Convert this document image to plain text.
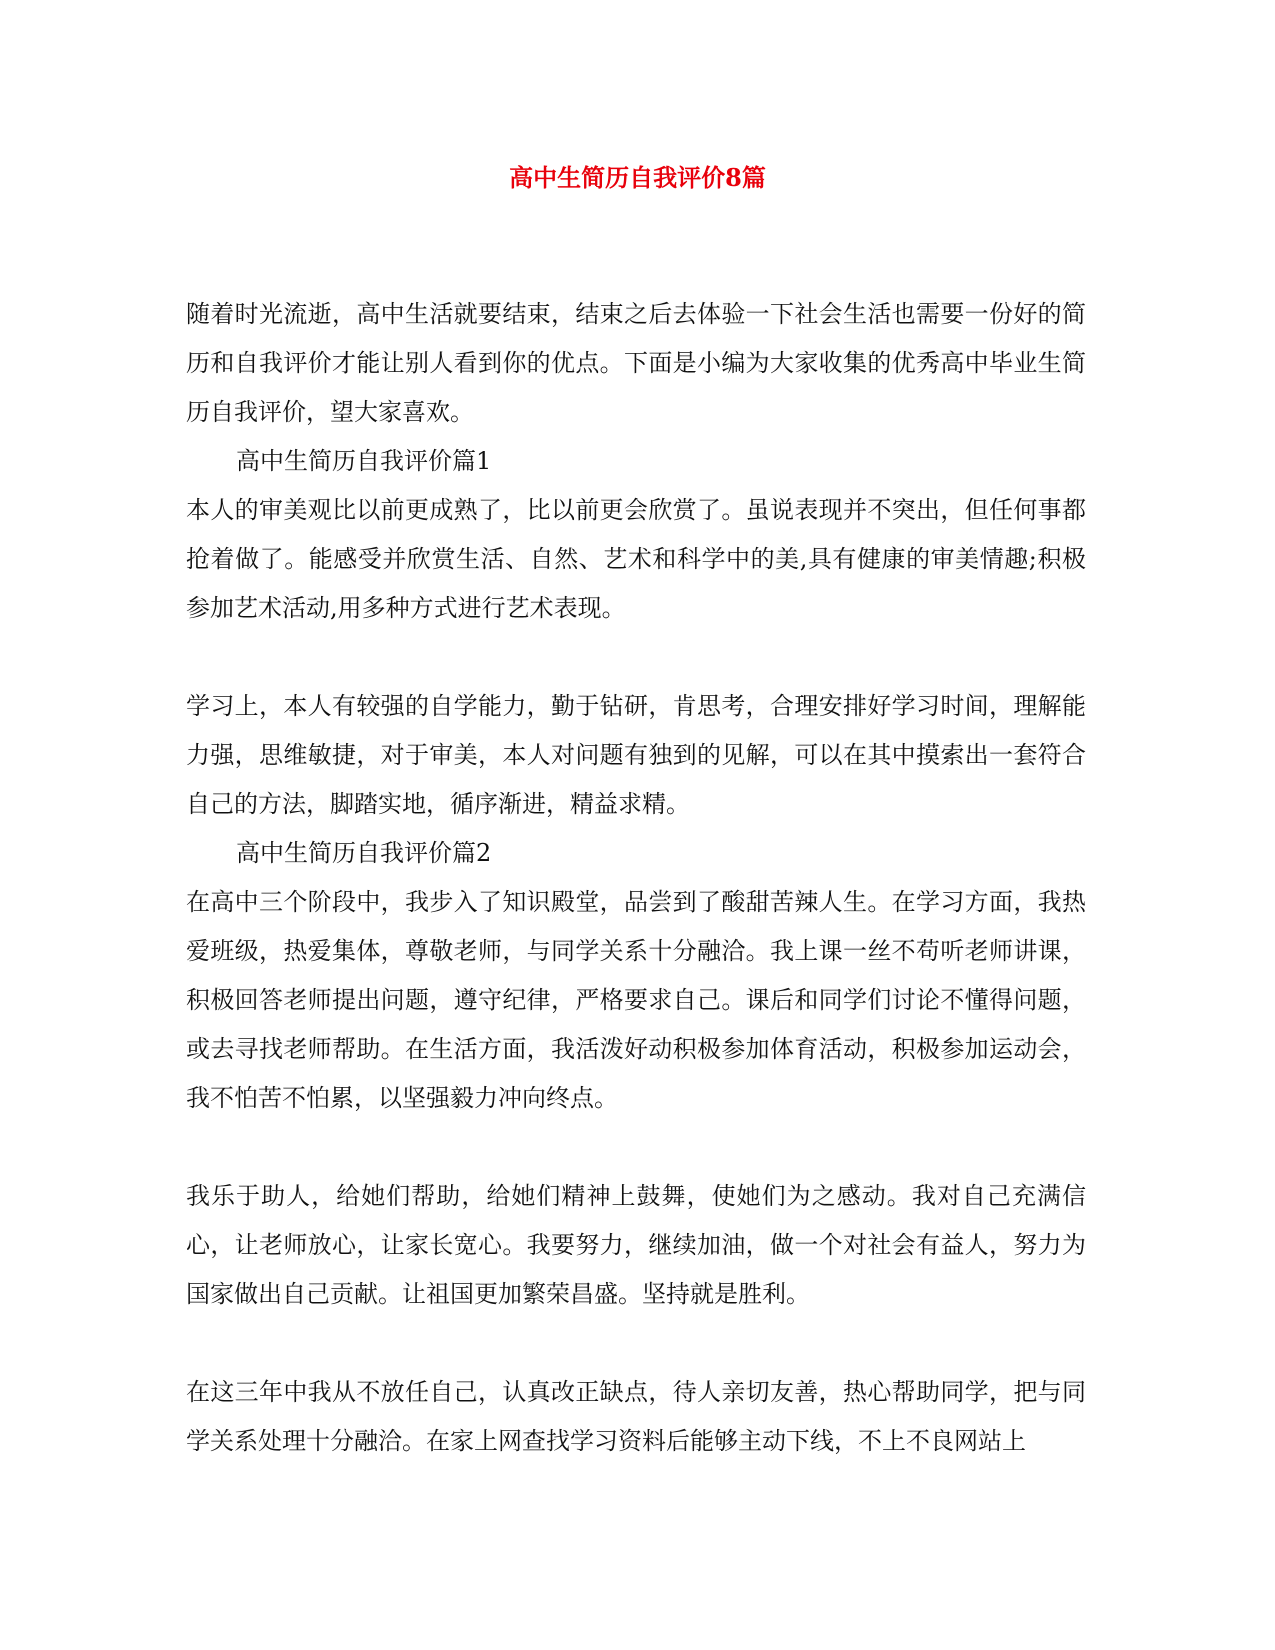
高中生简历自我评价8篇

随着时光流逝，高中生活就要结束，结束之后去体验一下社会生活也需要一份好的简历和自我评价才能让别人看到你的优点。下面是小编为大家收集的优秀高中毕业生简历自我评价，望大家喜欢。

高中生简历自我评价篇1

本人的审美观比以前更成熟了，比以前更会欣赏了。虽说表现并不突出，但任何事都抢着做了。能感受并欣赏生活、自然、艺术和科学中的美,具有健康的审美情趣;积极参加艺术活动,用多种方式进行艺术表现。

学习上，本人有较强的自学能力，勤于钻研，肯思考，合理安排好学习时间，理解能力强，思维敏捷，对于审美，本人对问题有独到的见解，可以在其中摸索出一套符合自己的方法，脚踏实地，循序渐进，精益求精。

高中生简历自我评价篇2

在高中三个阶段中，我步入了知识殿堂，品尝到了酸甜苦辣人生。在学习方面，我热爱班级，热爱集体，尊敬老师，与同学关系十分融洽。我上课一丝不苟听老师讲课，积极回答老师提出问题，遵守纪律，严格要求自己。课后和同学们讨论不懂得问题，或去寻找老师帮助。在生活方面，我活泼好动积极参加体育活动，积极参加运动会，我不怕苦不怕累，以坚强毅力冲向终点。

我乐于助人，给她们帮助，给她们精神上鼓舞，使她们为之感动。我对自己充满信心，让老师放心，让家长宽心。我要努力，继续加油，做一个对社会有益人，努力为国家做出自己贡献。让祖国更加繁荣昌盛。坚持就是胜利。

在这三年中我从不放任自己，认真改正缺点，待人亲切友善，热心帮助同学，把与同学关系处理十分融洽。在家上网查找学习资料后能够主动下线，不上不良网站上
